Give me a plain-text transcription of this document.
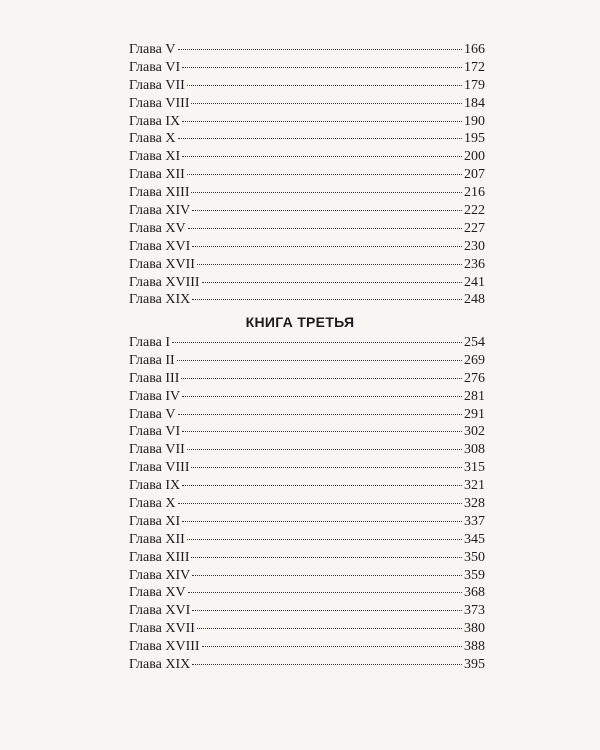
Глава V	166
Глава VI	172
Глава VII	179
Глава VIII	184
Глава IX	190
Глава X	195
Глава XI	200
Глава XII	207
Глава XIII	216
Глава XIV	222
Глава XV	227
Глава XVI	230
Глава XVII	236
Глава XVIII	241
Глава XIX	248
КНИГА ТРЕТЬЯ
Глава I	254
Глава II	269
Глава III	276
Глава IV	281
Глава V	291
Глава VI	302
Глава VII	308
Глава VIII	315
Глава IX	321
Глава X	328
Глава XI	337
Глава XII	345
Глава XIII	350
Глава XIV	359
Глава XV	368
Глава XVI	373
Глава XVII	380
Глава XVIII	388
Глава XIX	395
